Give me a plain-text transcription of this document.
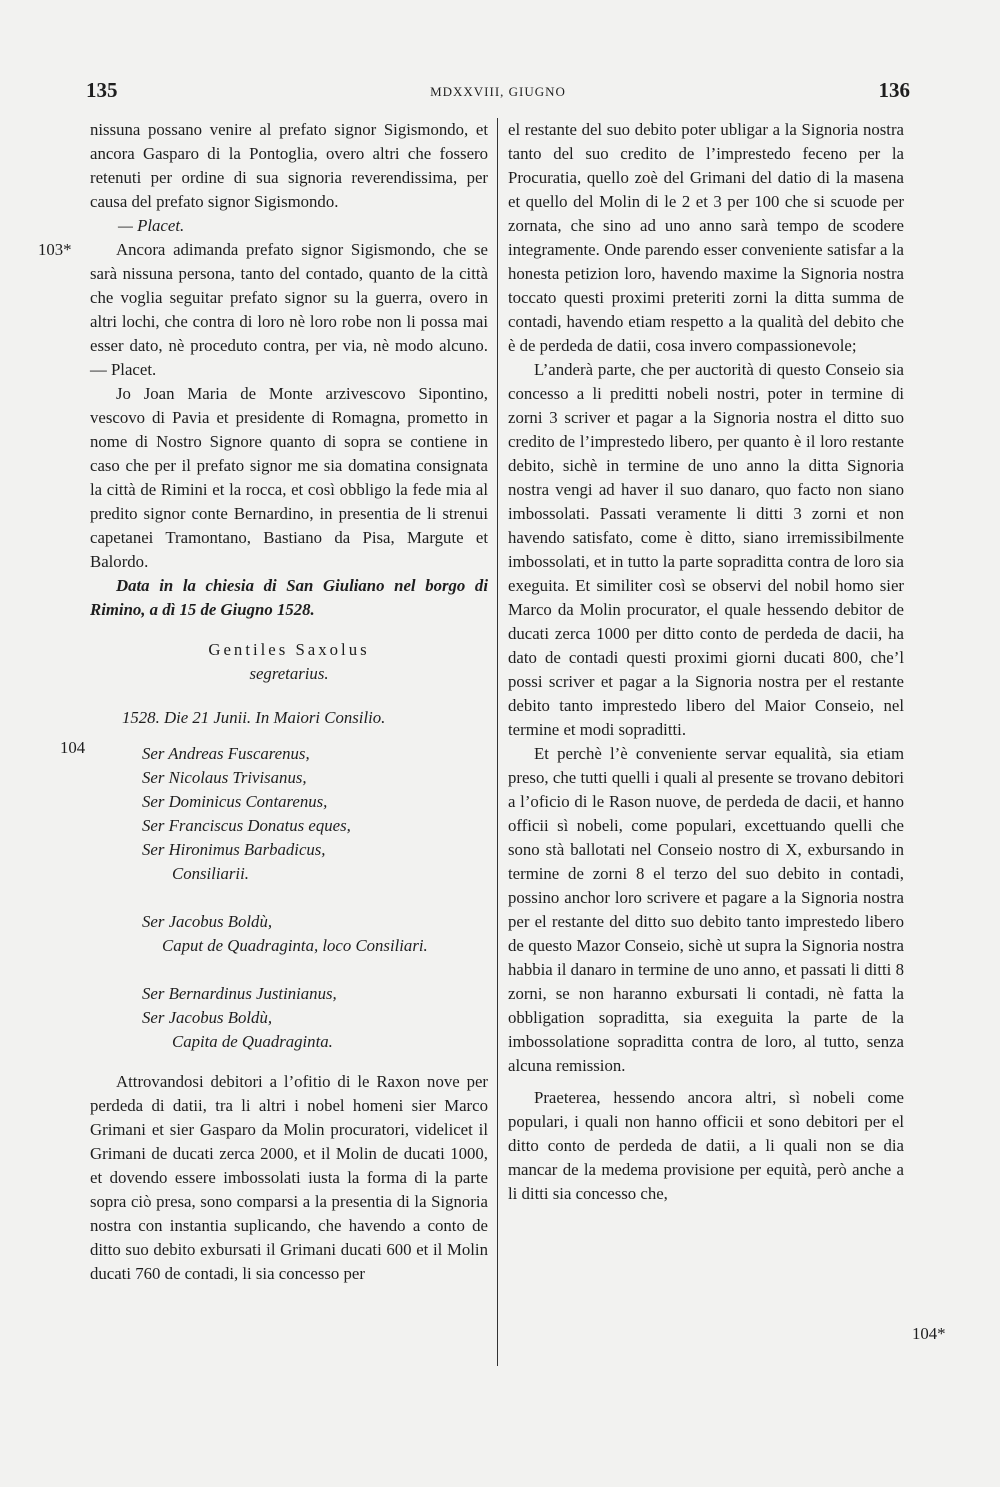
135	MDXXVIII, GIUGNO	136
103*
104
104*

nissuna possano venire al prefato signor Sigismondo, et ancora Gasparo di la Pontoglia, overo altri che fossero retenuti per ordine di sua signoria reverendissima, per causa del prefato signor Sigismondo.

— Placet.

Ancora adimanda prefato signor Sigismondo, che se sarà nissuna persona, tanto del contado, quanto de la città che voglia seguitar prefato signor su la guerra, overo in altri lochi, che contra di loro nè loro robe non li possa mai esser dato, nè proceduto contra, per via, nè modo alcuno. — Placet.

Jo Joan Maria de Monte arzivescovo Sipontino, vescovo di Pavia et presidente di Romagna, prometto in nome di Nostro Signore quanto di sopra se contiene in caso che per il prefato signor me sia domatina consignata la città de Rimini et la rocca, et così obbligo la fede mia al predito signor conte Bernardino, in presentia de li strenui capetanei Tramontano, Bastiano da Pisa, Margute et Balordo.

Data in la chiesia di San Giuliano nel borgo di Rimino, a dì 15 de Giugno 1528.

Gentiles Saxolus
segretarius.
1528. Die 21 Junii. In Maiori Consilio.
Ser Andreas Fuscarenus,
Ser Nicolaus Trivisanus,
Ser Dominicus Contarenus,
Ser Franciscus Donatus eques,
Ser Hironimus Barbadicus,
Consiliarii.
Ser Jacobus Boldù,
Caput de Quadraginta, loco Consiliari.
Ser Bernardinus Justinianus,
Ser Jacobus Boldù,
Capita de Quadraginta.

Attrovandosi debitori a l’ofitio di le Raxon nove per perdeda di datii, tra li altri i nobel homeni sier Marco Grimani et sier Gasparo da Molin procuratori, videlicet il Grimani de ducati zerca 2000, et il Molin de ducati 1000, et dovendo essere imbossolati iusta la forma di la parte sopra ciò presa, sono comparsi a la presentia di la Signoria nostra con instantia suplicando, che havendo a conto de ditto suo debito exbursati il Grimani ducati 600 et il Molin ducati 760 de contadi, li sia concesso per

el restante del suo debito poter ubligar a la Signoria nostra tanto del suo credito de l’imprestedo feceno per la Procuratia, quello zoè del Grimani del datio di la masena et quello del Molin di le 2 et 3 per 100 che si scuode per zornata, che sino ad uno anno sarà tempo de scodere integramente. Onde parendo esser conveniente satisfar a la honesta petizion loro, havendo maxime la Signoria nostra toccato questi proximi preteriti zorni la ditta summa de contadi, havendo etiam respetto a la qualità del debito che è de perdeda de datii, cosa invero compassionevole;

L’anderà parte, che per auctorità di questo Conseio sia concesso a li preditti nobeli nostri, poter in termine di zorni 3 scriver et pagar a la Signoria nostra el ditto suo credito de l’imprestedo libero, per quanto è il loro restante debito, sichè in termine de uno anno la ditta Signoria nostra vengi ad haver il suo danaro, quo facto non siano imbossolati. Passati veramente li ditti 3 zorni et non havendo satisfato, come è ditto, siano irremissibilmente imbossolati, et in tutto la parte sopraditta contra de loro sia exeguita. Et similiter così se observi del nobil homo sier Marco da Molin procurator, el quale hessendo debitor de ducati zerca 1000 per ditto conto de perdeda de dacii, ha dato de contadi questi proximi giorni ducati 800, che’l possi scriver et pagar a la Signoria nostra per el restante debito tanto imprestedo libero del Maior Conseio, nel termine et modi sopraditti.

Et perchè l’è conveniente servar equalità, sia etiam preso, che tutti quelli i quali al presente se trovano debitori a l’oficio di le Rason nuove, de perdeda de dacii, et hanno officii sì nobeli, come populari, excettuando quelli che sono stà ballotati nel Conseio nostro di X, exbursando in termine de zorni 8 el terzo del suo debito in contadi, possino anchor loro scrivere et pagare a la Signoria nostra per el restante del ditto suo debito tanto imprestedo libero de questo Mazor Conseio, sichè ut supra la Signoria nostra habbia il danaro in termine de uno anno, et passati li ditti 8 zorni, se non haranno exbursati li contadi, nè fatta la obbligation sopraditta, sia exeguita la parte de la imbossolatione sopraditta contra de loro, al tutto, senza alcuna remission.

Praeterea, hessendo ancora altri, sì nobeli come populari, i quali non hanno officii et sono debitori per el ditto conto de perdeda de datii, a li quali non se dia mancar de la medema provisione per equità, però anche a li ditti sia concesso che,
